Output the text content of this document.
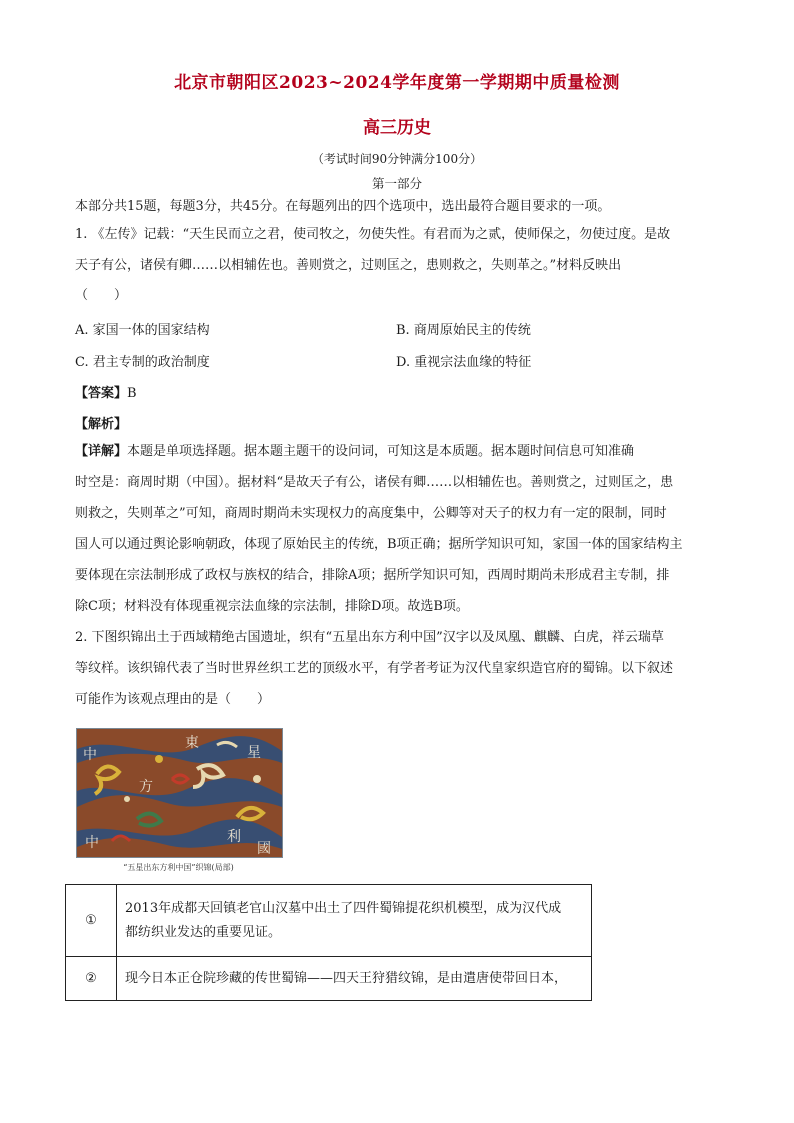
北京市朝阳区2023~2024学年度第一学期期中质量检测
高三历史
（考试时间90分钟满分100分）
第一部分
本部分共15题，每题3分，共45分。在每题列出的四个选项中，选出最符合题目要求的一项。
1. 《左传》记载：“天生民而立之君，使司牧之，勿使失性。有君而为之贰，使师保之，勿使过度。是故
天子有公，诸侯有卿……以相辅佐也。善则赏之，过则匡之，患则救之，失则革之。”材料反映出
（　　）
A. 家国一体的国家结构	B. 商周原始民主的传统
C. 君主专制的政治制度	D. 重视宗法血缘的特征
【答案】B
【解析】
【详解】本题是单项选择题。据本题主题干的设问词，可知这是本质题。据本题时间信息可知准确
时空是：商周时期（中国）。据材料“是故天子有公，诸侯有卿……以相辅佐也。善则赏之，过则匡之，患
则救之，失则革之”可知，商周时期尚未实现权力的高度集中，公卿等对天子的权力有一定的限制，同时
国人可以通过舆论影响朝政，体现了原始民主的传统，B项正确；据所学知识可知，家国一体的国家结构主
要体现在宗法制形成了政权与族权的结合，排除A项；据所学知识可知，西周时期尚未形成君主专制，排
除C项；材料没有体现重视宗法血缘的宗法制，排除D项。故选B项。
2. 下图织锦出土于西域精绝古国遗址，织有“五星出东方利中国”汉字以及凤凰、麒麟、白虎，祥云瑞草
等纹样。该织锦代表了当时世界丝织工艺的顶级水平，有学者考证为汉代皇家织造官府的蜀锦。以下叙述
可能作为该观点理由的是（　　）
中
方
中
東
星
利
國
“五星出东方利中国”织锦(局部)
①	2013年成都天回镇老官山汉墓中出土了四件蜀锦提花织机模型，成为汉代成
都纺织业发达的重要见证。

②	现今日本正仓院珍藏的传世蜀锦——四天王狩猎纹锦，是由遣唐使带回日本，
